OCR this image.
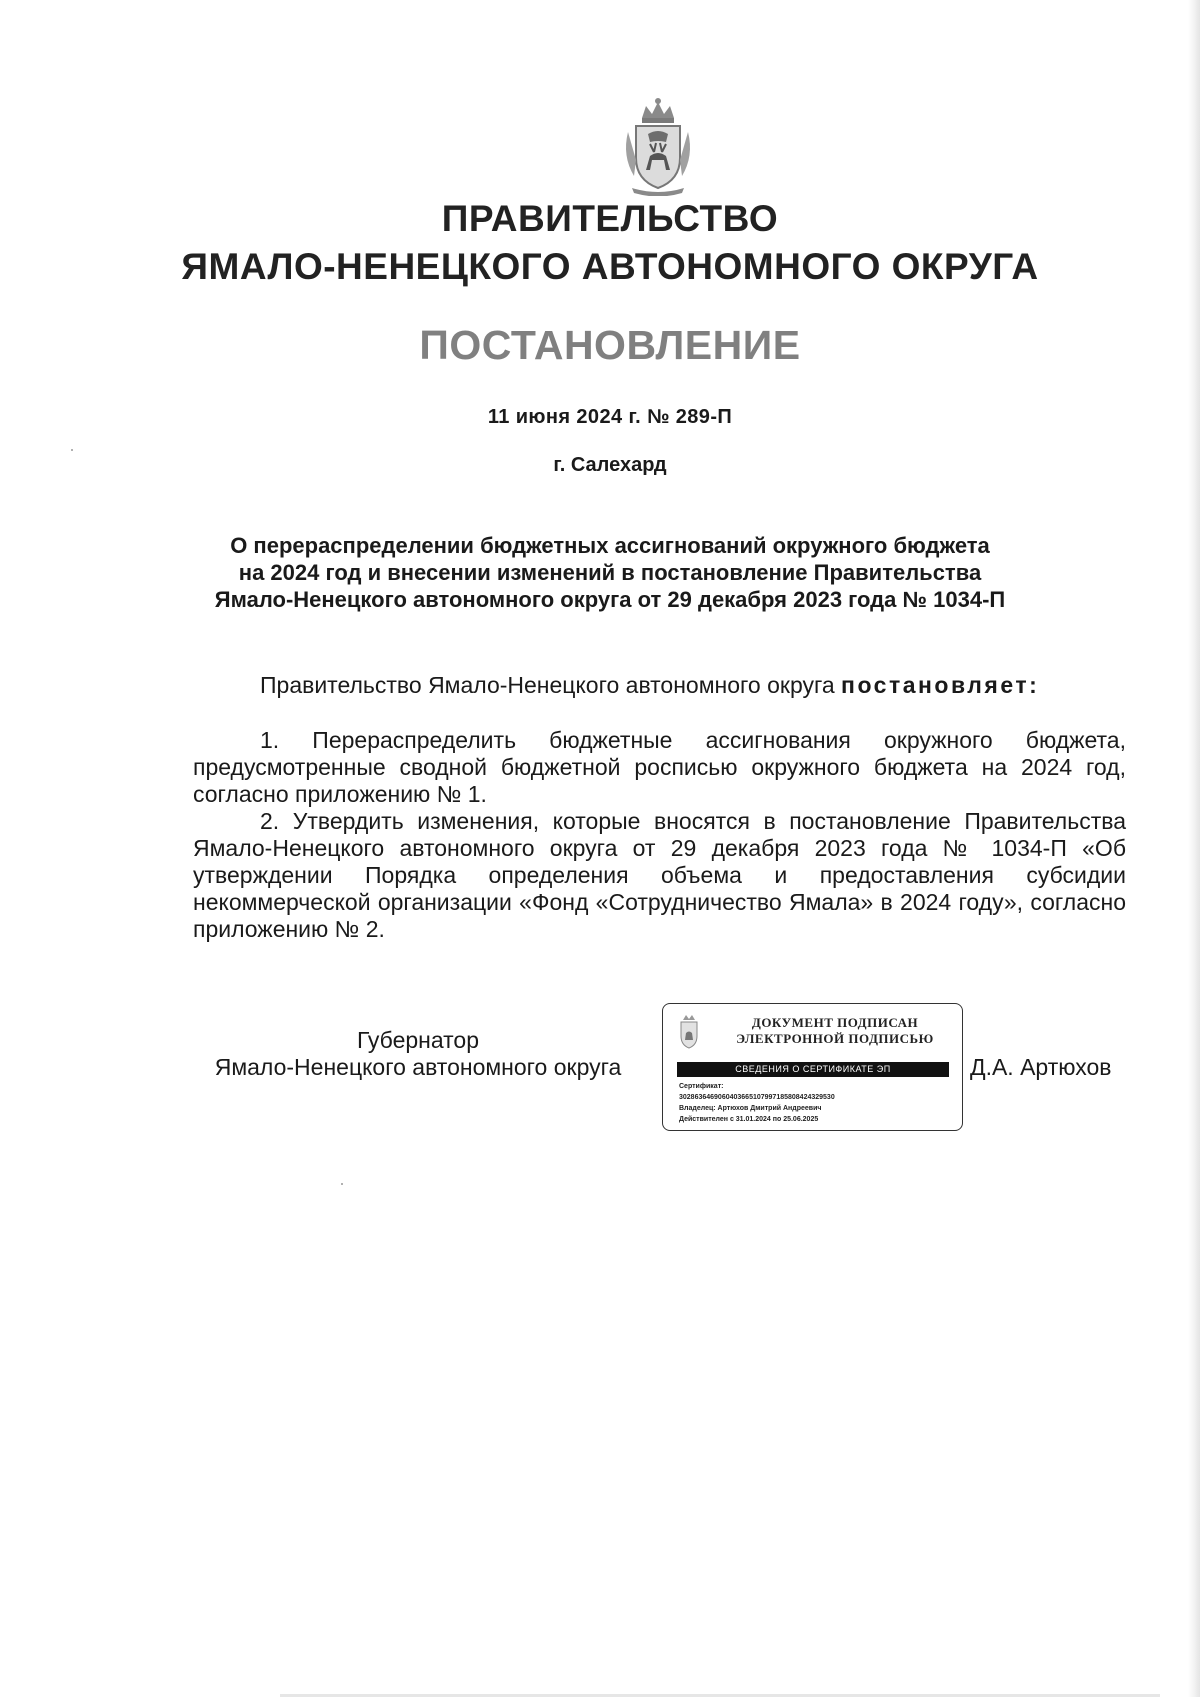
ПРАВИТЕЛЬСТВО
ЯМАЛО-НЕНЕЦКОГО АВТОНОМНОГО ОКРУГА
ПОСТАНОВЛЕНИЕ
11 июня 2024 г. № 289-П
г. Салехард
О перераспределении бюджетных ассигнований окружного бюджета
на 2024 год и внесении изменений в постановление Правительства
Ямало-Ненецкого автономного округа от 29 декабря 2023 года № 1034-П
Правительство Ямало-Ненецкого автономного округа постановляет:
1. Перераспределить бюджетные ассигнования окружного бюджета, предусмотренные сводной бюджетной росписью окружного бюджета на 2024 год, согласно приложению № 1.
2. Утвердить изменения, которые вносятся в постановление Правительства Ямало-Ненецкого автономного округа от 29 декабря 2023 года № 1034-П «Об утверждении Порядка определения объема и предоставления субсидии некоммерческой организации «Фонд «Сотрудничество Ямала» в 2024 году», согласно приложению № 2.
Губернатор
Ямало-Ненецкого автономного округа
ДОКУМЕНТ ПОДПИСАН
ЭЛЕКТРОННОЙ ПОДПИСЬЮ
СВЕДЕНИЯ О СЕРТИФИКАТЕ ЭП
Сертификат:
3028636469060403665107997185808424329530
Владелец: Артюхов Дмитрий Андреевич
Действителен с 31.01.2024 по 25.06.2025
Д.А. Артюхов
